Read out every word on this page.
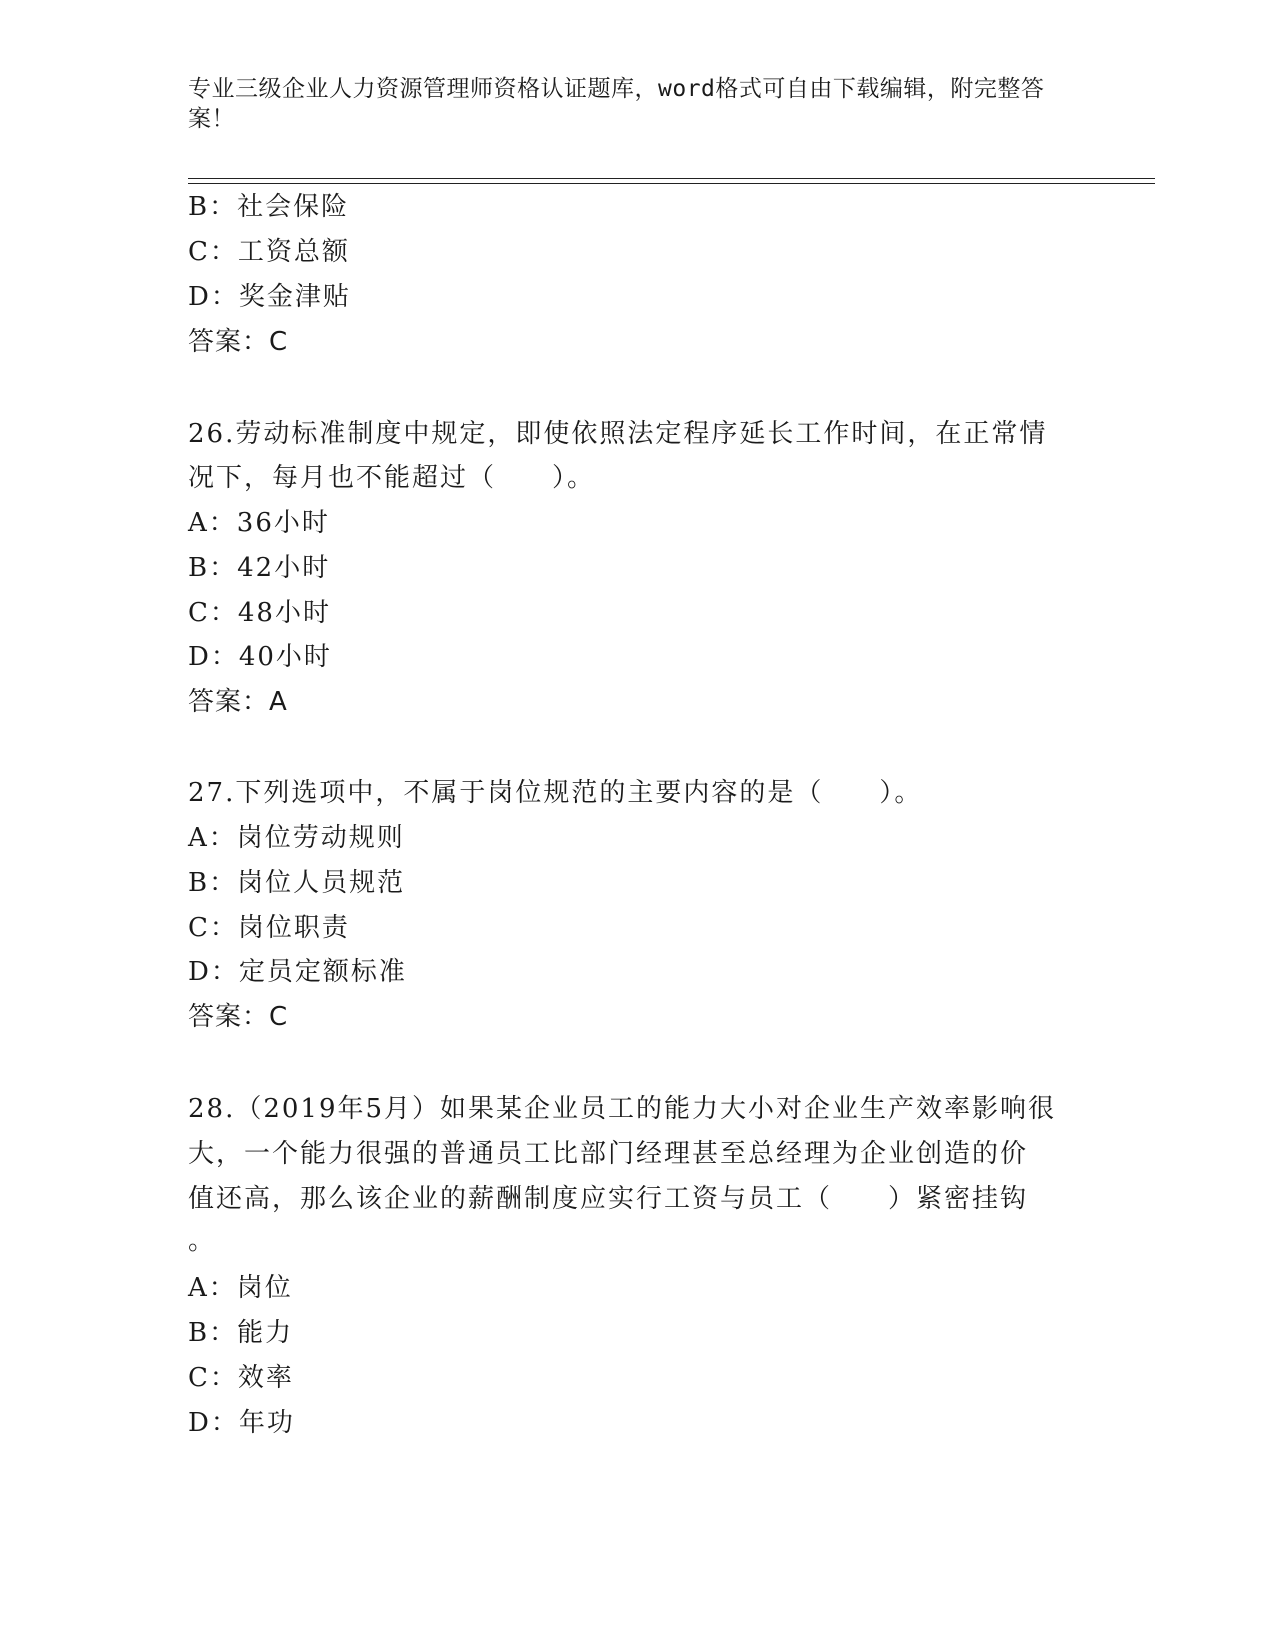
专业三级企业人力资源管理师资格认证题库，word格式可自由下载编辑，附完整答案！
B：社会保险
C：工资总额
D：奖金津贴
答案：C
26.劳动标准制度中规定，即使依照法定程序延长工作时间，在正常情
况下，每月也不能超过（　　）。
A：36小时
B：42小时
C：48小时
D：40小时
答案：A
27.下列选项中，不属于岗位规范的主要内容的是（　　）。
A：岗位劳动规则
B：岗位人员规范
C：岗位职责
D：定员定额标准
答案：C
28.（2019年5月）如果某企业员工的能力大小对企业生产效率影响很
大，一个能力很强的普通员工比部门经理甚至总经理为企业创造的价
值还高，那么该企业的薪酬制度应实行工资与员工（　　）紧密挂钩
。
A：岗位
B：能力
C：效率
D：年功
